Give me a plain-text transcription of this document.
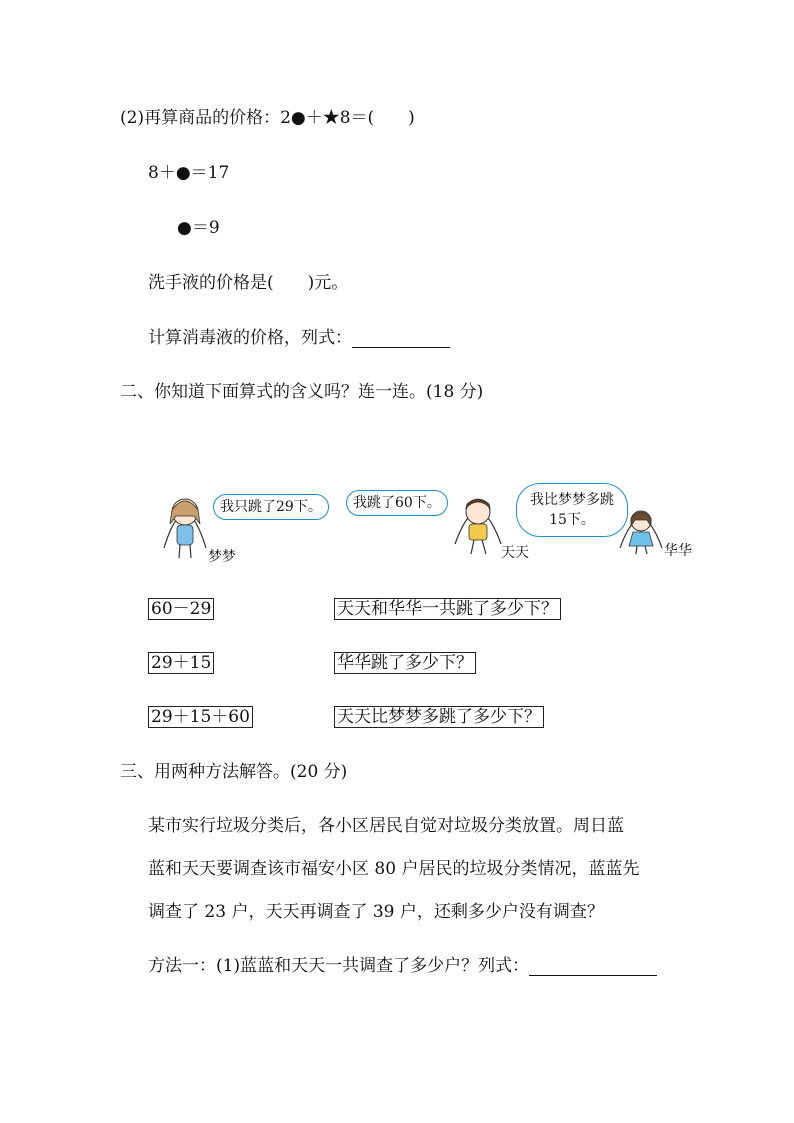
(2)再算商品的价格：2●＋★8＝(　　)
8＋●＝17
●＝9
洗手液的价格是(　　)元。
计算消毒液的价格，列式：
二、你知道下面算式的含义吗？连一连。(18 分)
我只跳了29下。
梦梦
我跳了60下。
天天
我比梦梦多跳15下。
华华
60－29
29＋15
29＋15＋60
天天和华华一共跳了多少下？
华华跳了多少下？
天天比梦梦多跳了多少下？
三、用两种方法解答。(20 分)
某市实行垃圾分类后，各小区居民自觉对垃圾分类放置。周日蓝
蓝和天天要调查该市福安小区 80 户居民的垃圾分类情况，蓝蓝先
调查了 23 户，天天再调查了 39 户，还剩多少户没有调查？
方法一：(1)蓝蓝和天天一共调查了多少户？列式：
